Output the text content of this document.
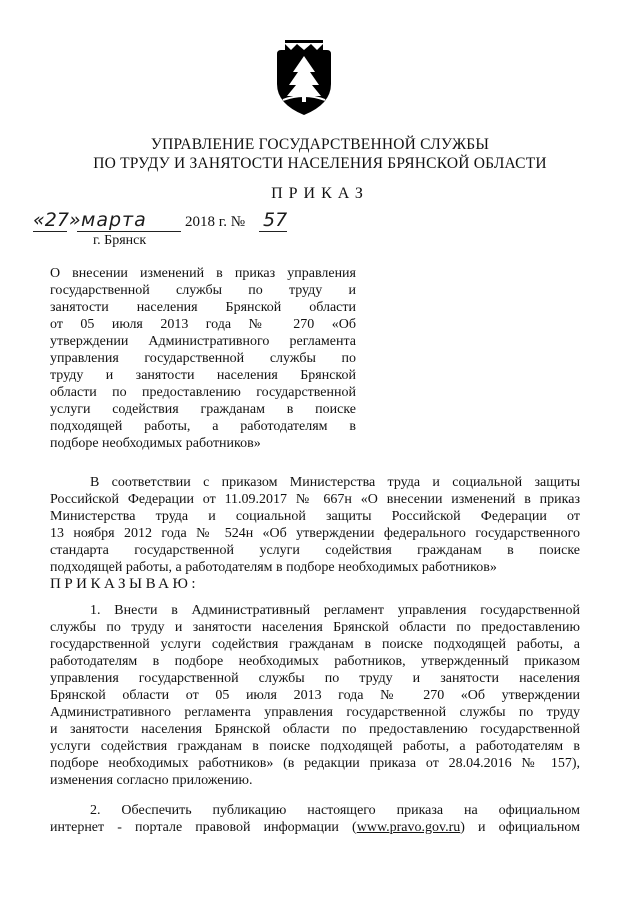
УПРАВЛЕНИЕ ГОСУДАРСТВЕННОЙ СЛУЖБЫ
ПО ТРУДУ И ЗАНЯТОСТИ НАСЕЛЕНИЯ БРЯНСКОЙ ОБЛАСТИ
ПРИКАЗ
«27» марта	2018 г. № 57
г. Брянск
О внесении изменений в приказ управления
государственной службы по труду и
занятости населения Брянской области
от 05 июля 2013 года № 270 «Об
утверждении Административного регламента
управления государственной службы по
труду и занятости населения Брянской
области по предоставлению государственной
услуги содействия гражданам в поиске
подходящей работы, а работодателям в
подборе необходимых работников»
В соответствии с приказом Министерства труда и социальной защиты
Российской Федерации от 11.09.2017 № 667н «О внесении изменений в приказ
Министерства труда и социальной защиты Российской Федерации от
13 ноября 2012 года № 524н «Об утверждении федерального государственного
стандарта государственной услуги содействия гражданам в поиске
подходящей работы, а работодателям в подборе необходимых работников»
ПРИКАЗЫВАЮ:
1. Внести в Административный регламент управления государственной
службы по труду и занятости населения Брянской области по предоставлению
государственной услуги содействия гражданам в поиске подходящей работы, а
работодателям в подборе необходимых работников, утвержденный приказом
управления государственной службы по труду и занятости населения
Брянской области от 05 июля 2013 года № 270 «Об утверждении
Административного регламента управления государственной службы по труду
и занятости населения Брянской области по предоставлению государственной
услуги содействия гражданам в поиске подходящей работы, а работодателям в
подборе необходимых работников» (в редакции приказа от 28.04.2016 № 157),
изменения согласно приложению.
2. Обеспечить публикацию настоящего приказа на официальном
интернет - портале правовой информации (www.pravo.gov.ru) и официальном
